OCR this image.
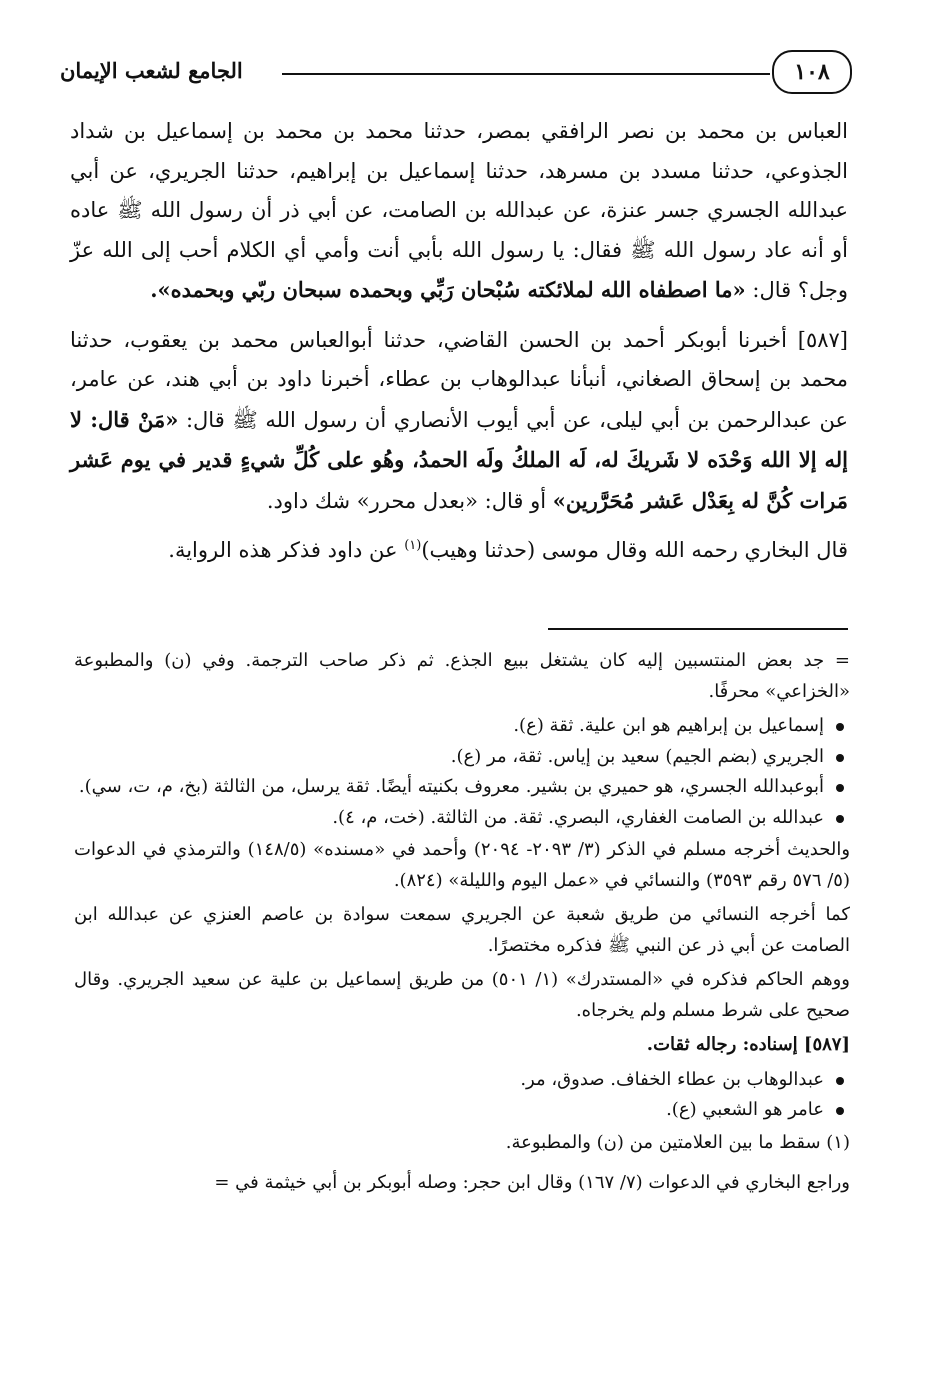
الجامع لشعب الإيمان	١٠٨

العباس بن محمد بن نصر الرافقي بمصر، حدثنا محمد بن محمد بن إسماعيل بن شداد الجذوعي، حدثنا مسدد بن مسرهد، حدثنا إسماعيل بن إبراهيم، حدثنا الجريري، عن أبي عبدالله الجسري جسر عنزة، عن عبدالله بن الصامت، عن أبي ذر أن رسول الله ﷺ عاده أو أنه عاد رسول الله ﷺ فقال: يا رسول الله بأبي أنت وأمي أي الكلام أحب إلى الله عزّ وجل؟ قال: «ما اصطفاه الله لملائكته سُبْحان رَبِّي وبحمده سبحان ربّي وبحمده».

[٥٨٧] أخبرنا أبوبكر أحمد بن الحسن القاضي، حدثنا أبوالعباس محمد بن يعقوب، حدثنا محمد بن إسحاق الصغاني، أنبأنا عبدالوهاب بن عطاء، أخبرنا داود بن أبي هند، عن عامر، عن عبدالرحمن بن أبي ليلى، عن أبي أيوب الأنصاري أن رسول الله ﷺ قال: «مَنْ قال: لا إله إلا الله وَحْدَه لا شَريكَ له، لَه الملكُ ولَه الحمدُ، وهُو على كُلِّ شيءٍ قدير في يوم عَشر مَرات كُنَّ له بِعَدْل عَشر مُحَرَّرين» أو قال: «بعدل محرر» شك داود.

قال البخاري رحمه الله وقال موسى (حدثنا وهيب)$^{(١)}$ عن داود فذكر هذه الرواية.

= جد بعض المنتسبين إليه كان يشتغل ببيع الجذع. ثم ذكر صاحب الترجمة. وفي (ن) والمطبوعة «الخزاعي» محرفًا.

إسماعيل بن إبراهيم هو ابن علية. ثقة (ع).
الجريري (بضم الجيم) سعيد بن إياس. ثقة، مر (ع).
أبوعبدالله الجسري، هو حميري بن بشير. معروف بكنيته أيضًا. ثقة يرسل، من الثالثة (بخ، م، ت، سي).
عبدالله بن الصامت الغفاري، البصري. ثقة. من الثالثة. (خت، م، ٤).

والحديث أخرجه مسلم في الذكر (٣/ ٢٠٩٣- ٢٠٩٤) وأحمد في «مسنده» (١٤٨/٥) والترمذي في الدعوات (٥/ ٥٧٦ رقم ٣٥٩٣) والنسائي في «عمل اليوم والليلة» (٨٢٤).

كما أخرجه النسائي من طريق شعبة عن الجريري سمعت سوادة بن عاصم العنزي عن عبدالله ابن الصامت عن أبي ذر عن النبي ﷺ فذكره مختصرًا.

ووهم الحاكم فذكره في «المستدرك» (١/ ٥٠١) من طريق إسماعيل بن علية عن سعيد الجريري. وقال صحيح على شرط مسلم ولم يخرجاه.

[٥٨٧] إسناده: رجاله ثقات.

عبدالوهاب بن عطاء الخفاف. صدوق، مر.
عامر هو الشعبي (ع).

(١) سقط ما بين العلامتين من (ن) والمطبوعة.

وراجع البخاري في الدعوات (٧/ ١٦٧) وقال ابن حجر: وصله أبوبكر بن أبي خيثمة في =
